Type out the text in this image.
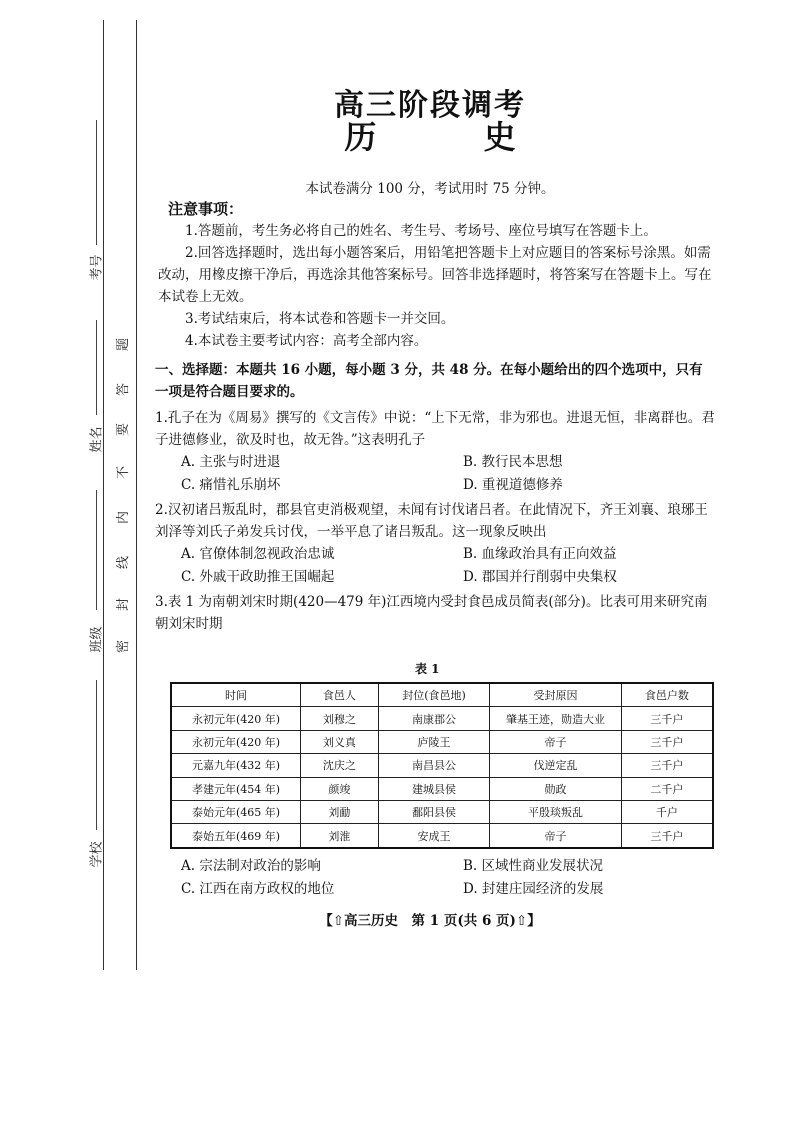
考号
姓名
班级
学校
题
答
要
不
内
线
封
密
高三阶段调考
历 史
本试卷满分 100 分，考试用时 75 分钟。
注意事项：
1.答题前，考生务必将自己的姓名、考生号、考场号、座位号填写在答题卡上。
2.回答选择题时，选出每小题答案后，用铅笔把答题卡上对应题目的答案标号涂黑。如需改动，用橡皮擦干净后，再选涂其他答案标号。回答非选择题时，将答案写在答题卡上。写在本试卷上无效。
3.考试结束后，将本试卷和答题卡一并交回。
4.本试卷主要考试内容：高考全部内容。
一、选择题：本题共 16 小题，每小题 3 分，共 48 分。在每小题给出的四个选项中，只有一项是符合题目要求的。
1.孔子在为《周易》撰写的《文言传》中说：“上下无常，非为邪也。进退无恒，非离群也。君子进德修业，欲及时也，故无咎。”这表明孔子
A. 主张与时进退	B. 教行民本思想
C. 痛惜礼乐崩坏	D. 重视道德修养
2.汉初诸吕叛乱时，郡县官吏消极观望，未闻有讨伐诸吕者。在此情况下，齐王刘襄、琅琊王刘泽等刘氏子弟发兵讨伐，一举平息了诸吕叛乱。这一现象反映出
A. 官僚体制忽视政治忠诚	B. 血缘政治具有正向效益
C. 外戚干政助推王国崛起	D. 郡国并行削弱中央集权
3.表 1 为南朝刘宋时期(420—479 年)江西境内受封食邑成员简表(部分)。比表可用来研究南朝刘宋时期
表 1
时间	食邑人	封位(食邑地)	受封原因	食邑户数
永初元年(420 年)	刘穆之	南康郡公	肇基王迹，勋造大业	三千户
永初元年(420 年)	刘义真	庐陵王	帝子	三千户
元嘉九年(432 年)	沈庆之	南昌县公	伐逆定乱	三千户
孝建元年(454 年)	颜竣	建城县侯	勋政	二千户
泰始元年(465 年)	刘勔	鄱阳县侯	平殷琰叛乱	千户
泰始五年(469 年)	刘淮	安成王	帝子	三千户
A. 宗法制对政治的影响	B. 区域性商业发展状况
C. 江西在南方政权的地位	D. 封建庄园经济的发展
【⇧高三历史　第 1 页(共 6 页)⇧】
